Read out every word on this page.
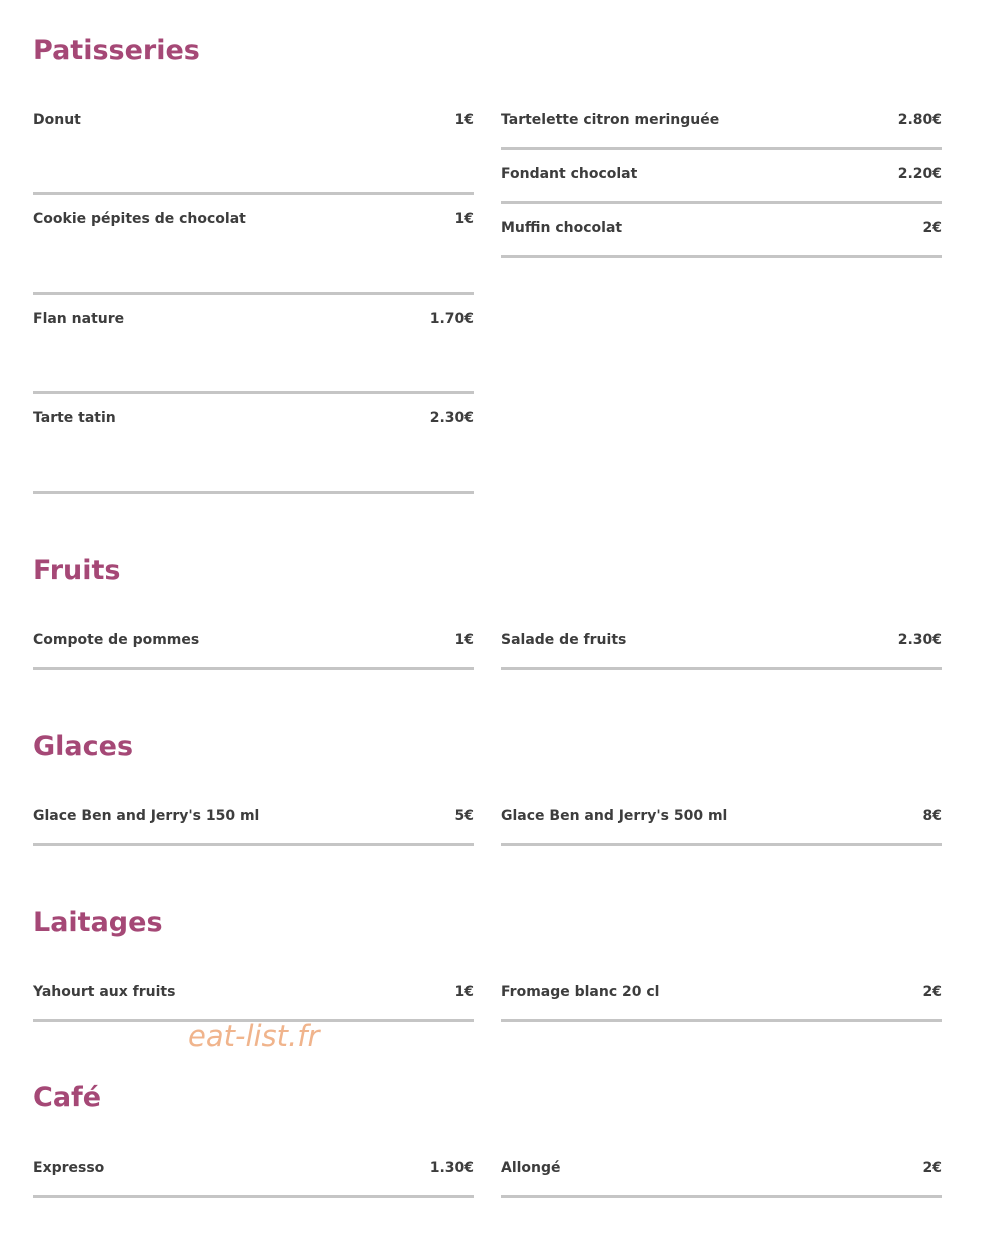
Patisseries
Donut	1€ Tartelette citron meringuée	2.80€
Fondant chocolat	2.20€
Cookie pépites de chocolat	1€
Muffin chocolat	2€
Flan nature	1.70€
Tarte tatin	2.30€
Fruits
Compote de pommes	1€ Salade de fruits	2.30€
Glaces
Glace Ben and Jerry's 150 ml	5€ Glace Ben and Jerry's 500 ml	8€
Laitages
Yahourt aux fruits	1€ Fromage blanc 20 cl	2€
eat-list.fr
Café
Expresso	1.30€ Allongé	2€
